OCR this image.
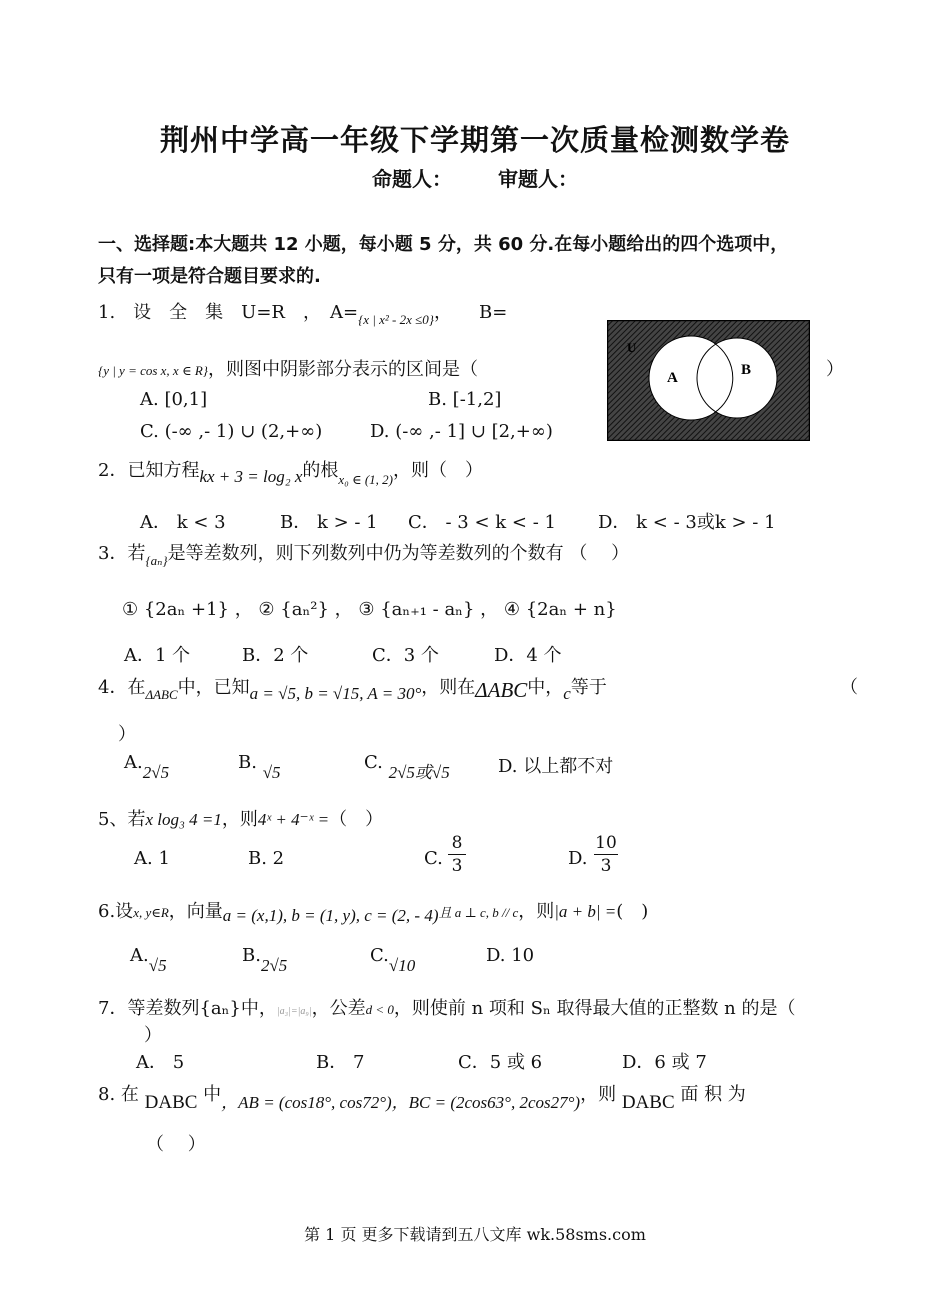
荆州中学高一年级下学期第一次质量检测数学卷
命题人： 审题人：
一、选择题:本大题共 12 小题，每小题 5 分，共 60 分.在每小题给出的四个选项中，
只有一项是符合题目要求的.
1.　设　全　集　U=R　，　$A=_{\{x | x^2 - 2x \le 0\}}$，　　B=
{y | y = cos x, x ∈ R}，则图中阴影部分表示的区间是（	）
U
A	B
A. [0,1]	B. [-1,2]
C. (-∞ ,- 1) ∪ (2,+∞)	D. (-∞ ,- 1] ∪ [2,+∞)
2．已知方程kx + 3 = log₂ x的根$_{x_0 \in (1, 2)}$，则（　）
A． k < 3	B． k > - 1 C． - 3 < k < - 1 D． k < - 3或k > - 1
3．若$_{\{a_n\}}$是等差数列，则下列数列中仍为等差数列的个数有 （　 ）
① {2aₙ +1} ， ② {aₙ²} ， ③ {aₙ₊₁ - aₙ} ， ④ {2aₙ + n}
A．1 个	B．2 个	C．3 个	D．4 个
4．在$_{\Delta ABC}$中，已知a = √5, b = √15, A = 30°，则在ΔABC中，c等于	（
）
A.2√5	B. √5	C. 2√5或√5	D. 以上都不对
5、若x log₃ 4 =1，则4ˣ + 4⁻ˣ =（　）
A. 1	B. 2	C.
8
3	D.
10
3
6.设x, y∈R，向量a = (x,1), b = (1, y), c = (2, - 4)且 a ⊥ c, b // c，则|a + b| =(　)
A.√5	B.2√5	C.√10	D. 10
7．等差数列{aₙ}中，|a₃|=|a₉|，公差d < 0，则使前 n 项和 Sₙ 取得最大值的正整数 n 的是（
）
A． 5	B． 7	C．5 或 6	D．6 或 7
8. 在 DABC 中，AB = (cos18°, cos72°)，BC = (2cos63°, 2cos27°)，则 DABC 面 积 为
（　 ）
第 1 页 更多下载请到五八文库 wk.58sms.com
